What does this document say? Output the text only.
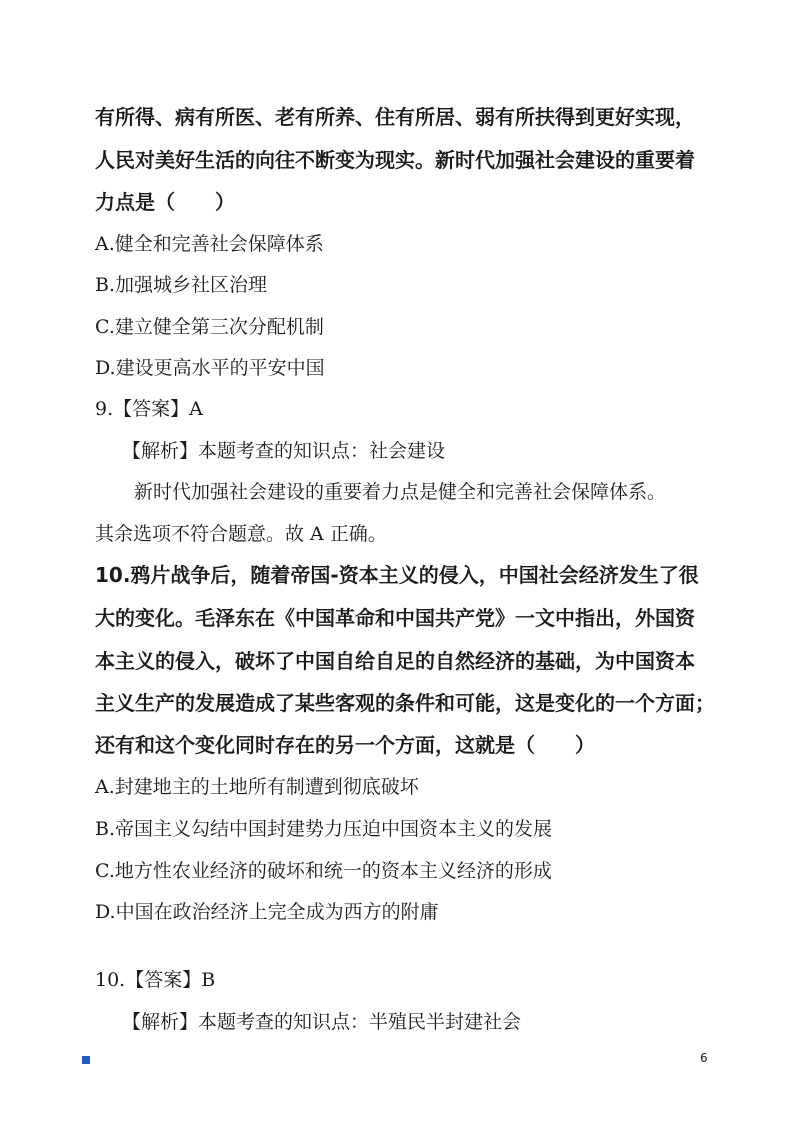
有所得、病有所医、老有所养、住有所居、弱有所扶得到更好实现，
人民对美好生活的向往不断变为现实。新时代加强社会建设的重要着
力点是（　　）
A.健全和完善社会保障体系
B.加强城乡社区治理
C.建立健全第三次分配机制
D.建设更高水平的平安中国
9.【答案】A
【解析】本题考查的知识点：社会建设
新时代加强社会建设的重要着力点是健全和完善社会保障体系。
其余选项不符合题意。故 A 正确。
10.鸦片战争后，随着帝国-资本主义的侵入，中国社会经济发生了很
大的变化。毛泽东在《中国革命和中国共产党》一文中指出，外国资
本主义的侵入，破坏了中国自给自足的自然经济的基础，为中国资本
主义生产的发展造成了某些客观的条件和可能，这是变化的一个方面；
还有和这个变化同时存在的另一个方面，这就是（　　）
A.封建地主的土地所有制遭到彻底破坏
B.帝国主义勾结中国封建势力压迫中国资本主义的发展
C.地方性农业经济的破坏和统一的资本主义经济的形成
D.中国在政治经济上完全成为西方的附庸
10.【答案】B
【解析】本题考查的知识点：半殖民半封建社会
6
